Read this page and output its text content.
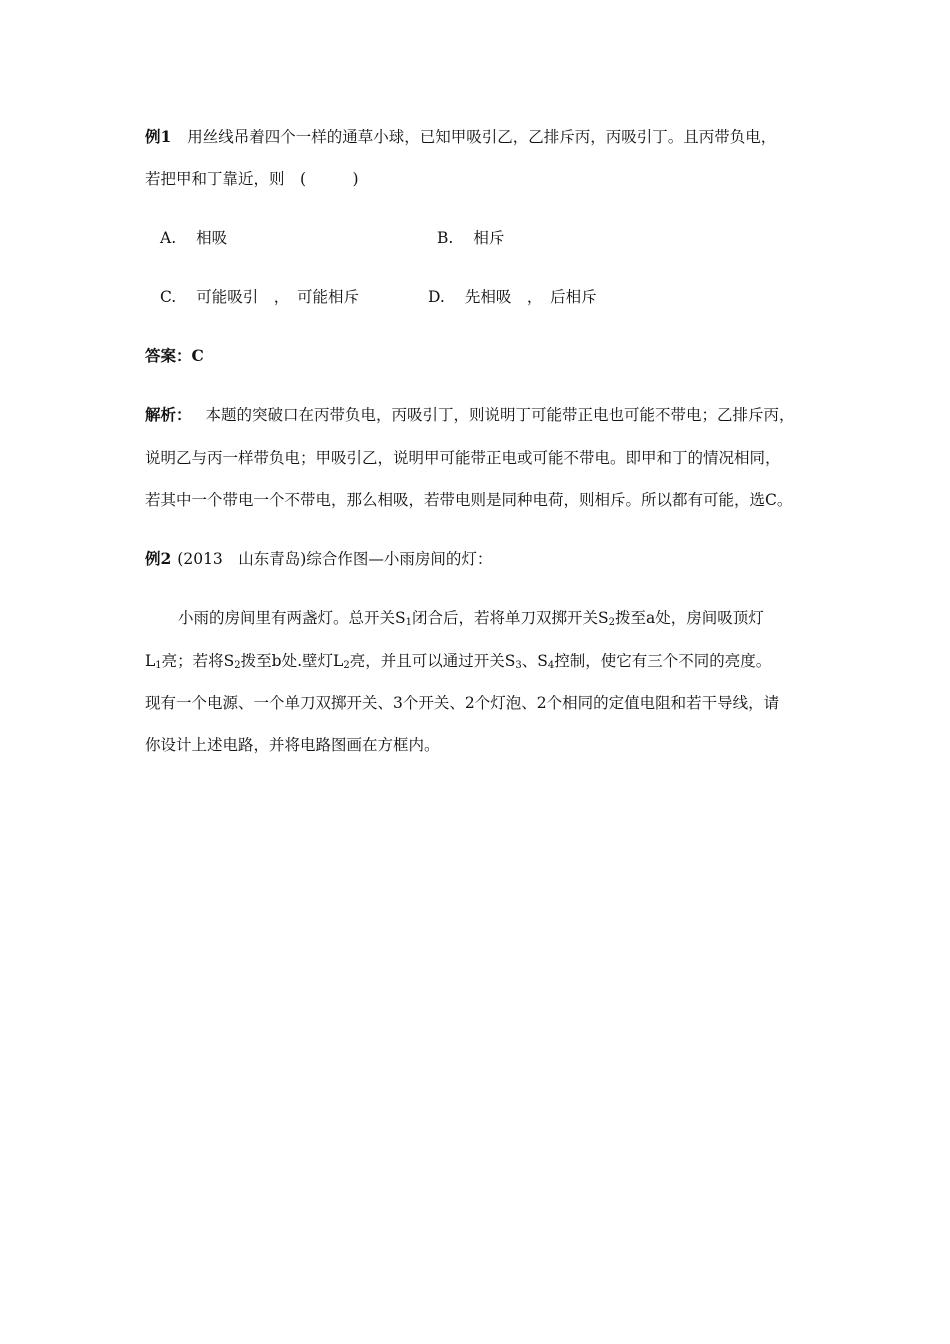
例1 用丝线吊着四个一样的通草小球，已知甲吸引乙，乙排斥丙，丙吸引丁。且丙带负电，
若把甲和丁靠近，则　(　　　)
A. 相吸	B. 相斥
C. 可能吸引　，　可能相斥	D. 先相吸　，　后相斥
答案：C
解析： 本题的突破口在丙带负电，丙吸引丁，则说明丁可能带正电也可能不带电；乙排斥丙，
说明乙与丙一样带负电；甲吸引乙，说明甲可能带正电或可能不带电。即甲和丁的情况相同，
若其中一个带电一个不带电，那么相吸，若带电则是同种电荷，则相斥。所以都有可能，选C。
例2 (2013　山东青岛)综合作图—小雨房间的灯：
小雨的房间里有两盏灯。总开关$S_1$闭合后，若将单刀双掷开关$S_2$拨至a处，房间吸顶灯
$L_1$亮；若将$S_2$拨至b处.壁灯$L_2$亮，并且可以通过开关$S_3$、$S_4$控制，使它有三个不同的亮度。
现有一个电源、一个单刀双掷开关、3个开关、2个灯泡、2个相同的定值电阻和若干导线，请
你设计上述电路，并将电路图画在方框内。
